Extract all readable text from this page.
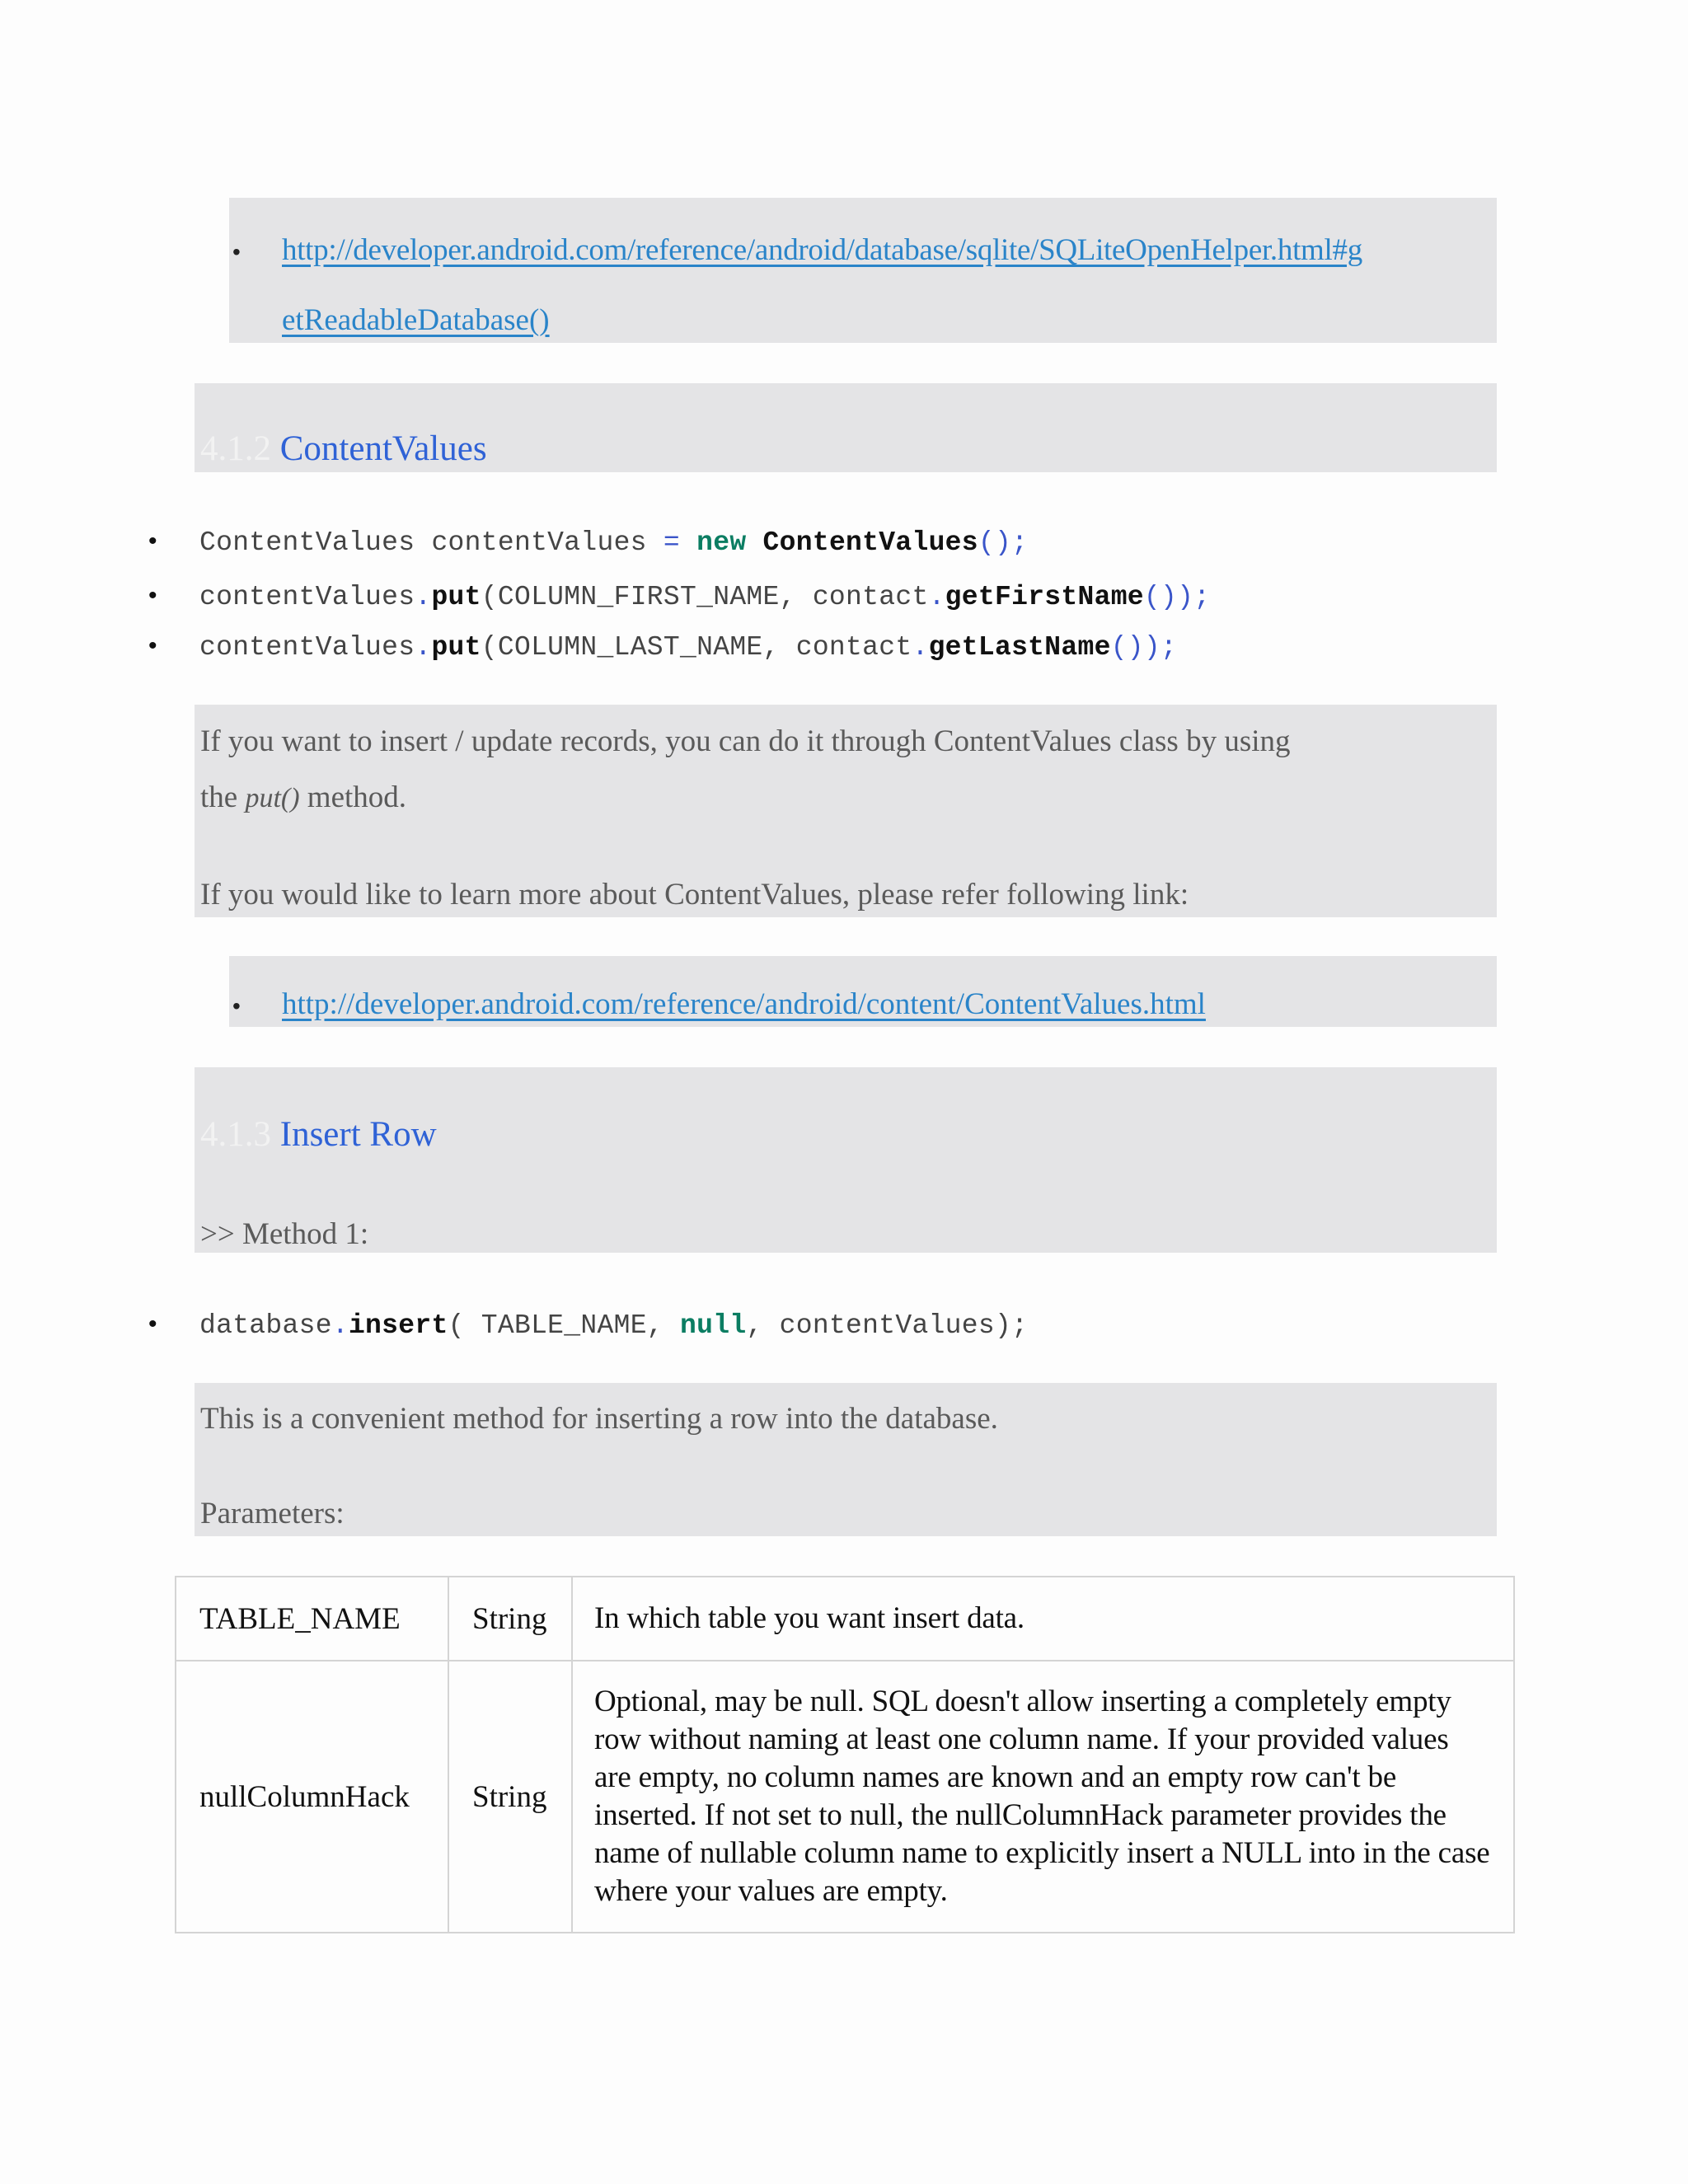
• http://developer.android.com/reference/android/database/sqlite/SQLiteOpenHelper.html#g
etReadableDatabase()
4.1.2 ContentValues
• ContentValues contentValues = new ContentValues();
• contentValues.put(COLUMN_FIRST_NAME, contact.getFirstName());
• contentValues.put(COLUMN_LAST_NAME, contact.getLastName());
If you want to insert / update records, you can do it through ContentValues class by using
the put() method.
If you would like to learn more about ContentValues, please refer following link:
• http://developer.android.com/reference/android/content/ContentValues.html
4.1.3 Insert Row
>> Method 1:
• database.insert( TABLE_NAME, null, contentValues);
This is a convenient method for inserting a row into the database.
Parameters:
TABLE_NAME	String	In which table you want insert data.
nullColumnHack	String	Optional, may be null. SQL doesn't allow inserting a completely empty row without naming at least one column name. If your provided values are empty, no column names are known and an empty row can't be inserted. If not set to null, the nullColumnHack parameter provides the name of nullable column name to explicitly insert a NULL into in the case where your values are empty.
